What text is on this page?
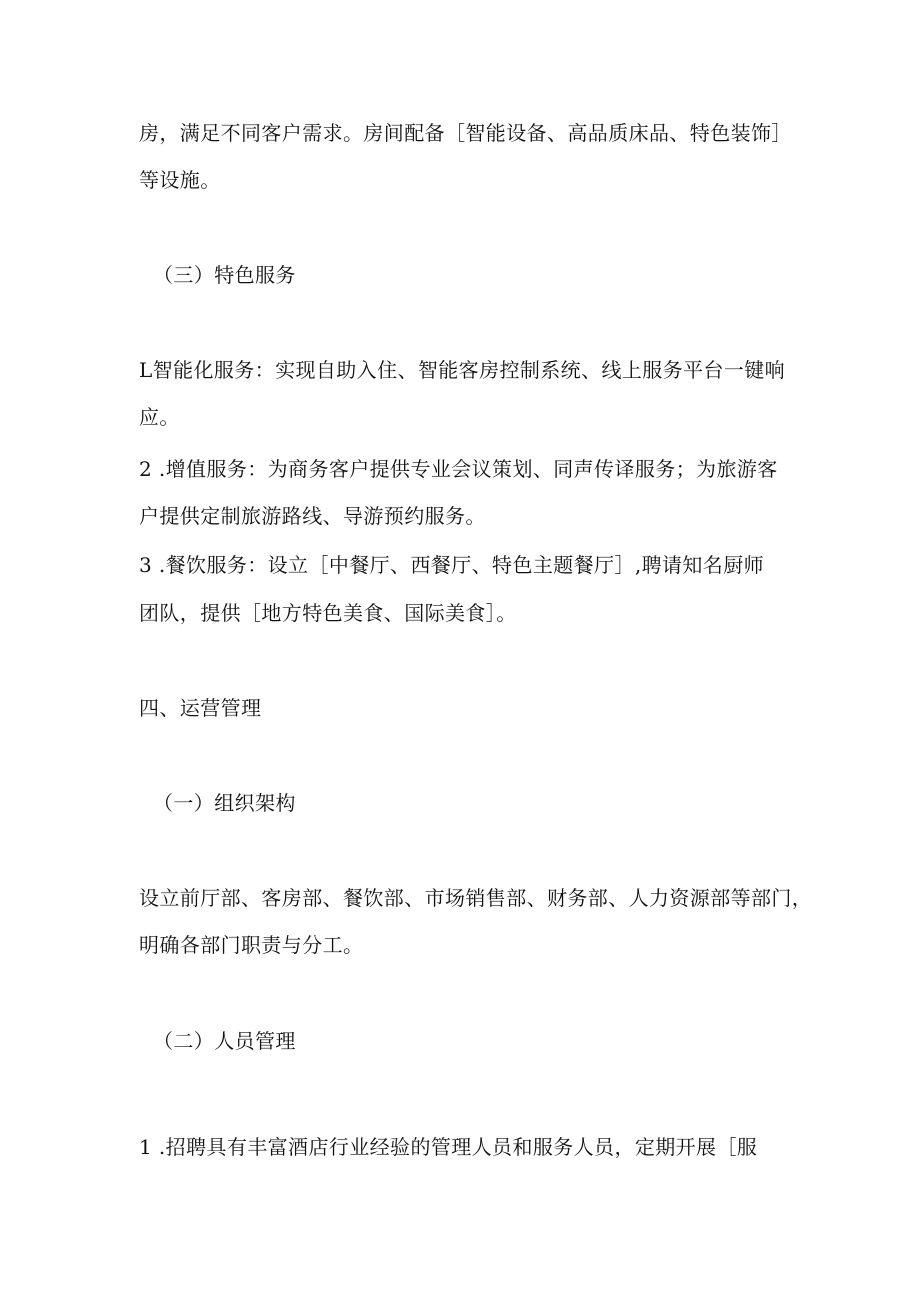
房，满足不同客户需求。房间配备［智能设备、高品质床品、特色装饰］
等设施。
（三）特色服务
L智能化服务：实现自助入住、智能客房控制系统、线上服务平台一键响
应。
2 .增值服务：为商务客户提供专业会议策划、同声传译服务；为旅游客
户提供定制旅游路线、导游预约服务。
3 .餐饮服务：设立［中餐厅、西餐厅、特色主题餐厅］,聘请知名厨师
团队，提供［地方特色美食、国际美食］。
四、运营管理
（一）组织架构
设立前厅部、客房部、餐饮部、市场销售部、财务部、人力资源部等部门，
明确各部门职责与分工。
（二）人员管理
1 .招聘具有丰富酒店行业经验的管理人员和服务人员，定期开展［服
